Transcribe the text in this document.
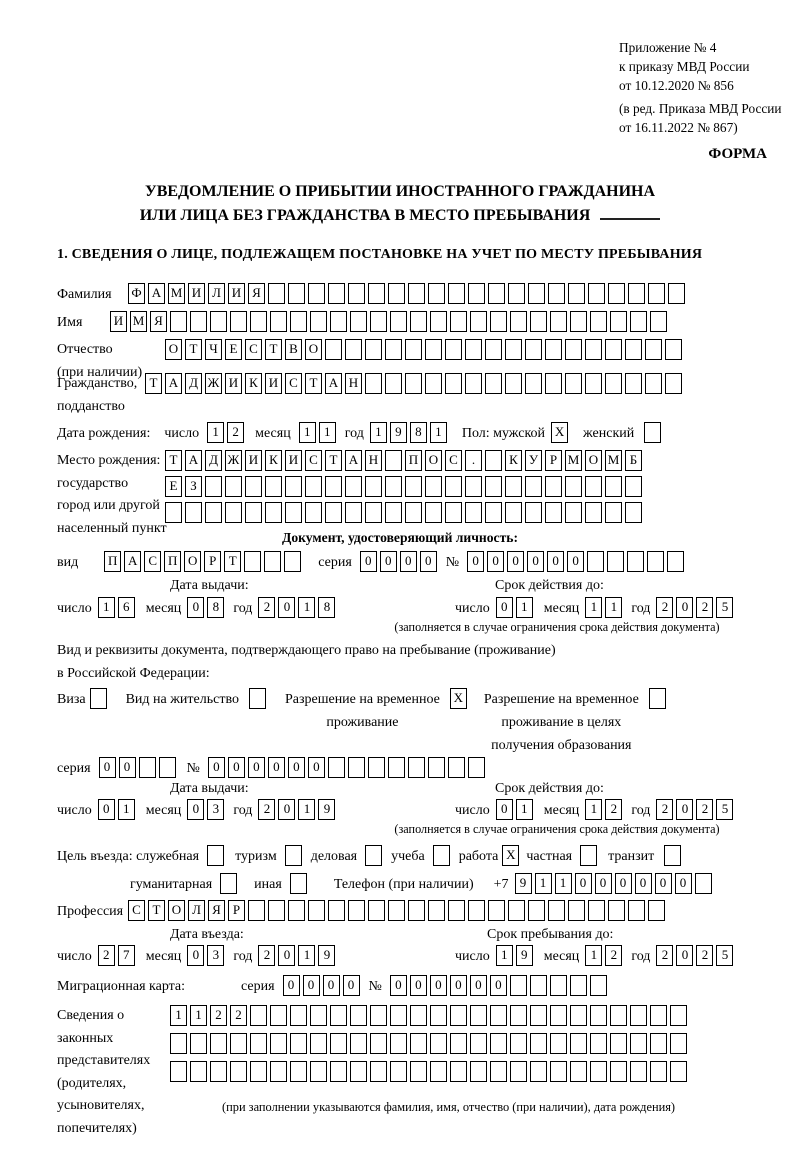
Приложение № 4
к приказу МВД России
от 10.12.2020 № 856
(в ред. Приказа МВД России
от 16.11.2022 № 867)
ФОРМА
УВЕДОМЛЕНИЕ О ПРИБЫТИИ ИНОСТРАННОГО ГРАЖДАНИНА
ИЛИ ЛИЦА БЕЗ ГРАЖДАНСТВА В МЕСТО ПРЕБЫВАНИЯ
1. СВЕДЕНИЯ О ЛИЦЕ, ПОДЛЕЖАЩЕМ ПОСТАНОВКЕ НА УЧЕТ ПО МЕСТУ ПРЕБЫВАНИЯ
Фамилия	Ф А М И Л И Я
Имя	И М Я
Отчество
(при наличии)
О Т Ч Е С Т В О
Гражданство,
подданство
Т А Д Ж И К И С Т А Н
Дата рождения: число	1	2	месяц	1	1	год 1	9	8	1	Пол: мужской X женский
Место рождения:
государство
город или другой
населенный пункт
Т А Д Ж И К И С Т А Н П О С	.	К У Р М О М Б
Е З
Документ, удостоверяющий личность:
вид П А С П О Р Т	серия	0	0	0	0	№	0	0	0	0	0	0
Дата выдачи:	Срок действия до:
число 1	6	месяц 0	8	год 2	0	1	8	число 0	1	месяц 1	1	год 2	0	2	5
(заполняется в случае ограничения срока действия документа)
Вид и реквизиты документа, подтверждающего право на пребывание (проживание)
в Российской Федерации:
Виза	Вид на жительство	Разрешение на временное
проживание
X Разрешение на временное
проживание в целях
получения образования
серия	0	0	№	0	0	0	0	0	0
Дата выдачи:	Срок действия до:
число 0	1	месяц 0	3	год 2	0	1	9	число 0	1	месяц 1	2	год 2	0	2	5
(заполняется в случае ограничения срока действия документа)
Цель въезда: служебная	туризм деловая учеба работа X частная	транзит
гуманитарная	иная	Телефон (при наличии) +7 9	1	1	0	0	0	0	0	0
Профессия С Т О Л Я Р
Дата въезда:	Срок пребывания до:
число 2	7	месяц 0	3	год 2	0	1	9	число 1	9	месяц 1	2	год 2	0	2	5
Миграционная карта:	серия	0	0	0	0	№	0	0	0	0	0	0
Сведения о
законных
представителях
(родителях,
усыновителях,
попечителях)
1	1	2	2
(при заполнении указываются фамилия, имя, отчество (при наличии), дата рождения)
